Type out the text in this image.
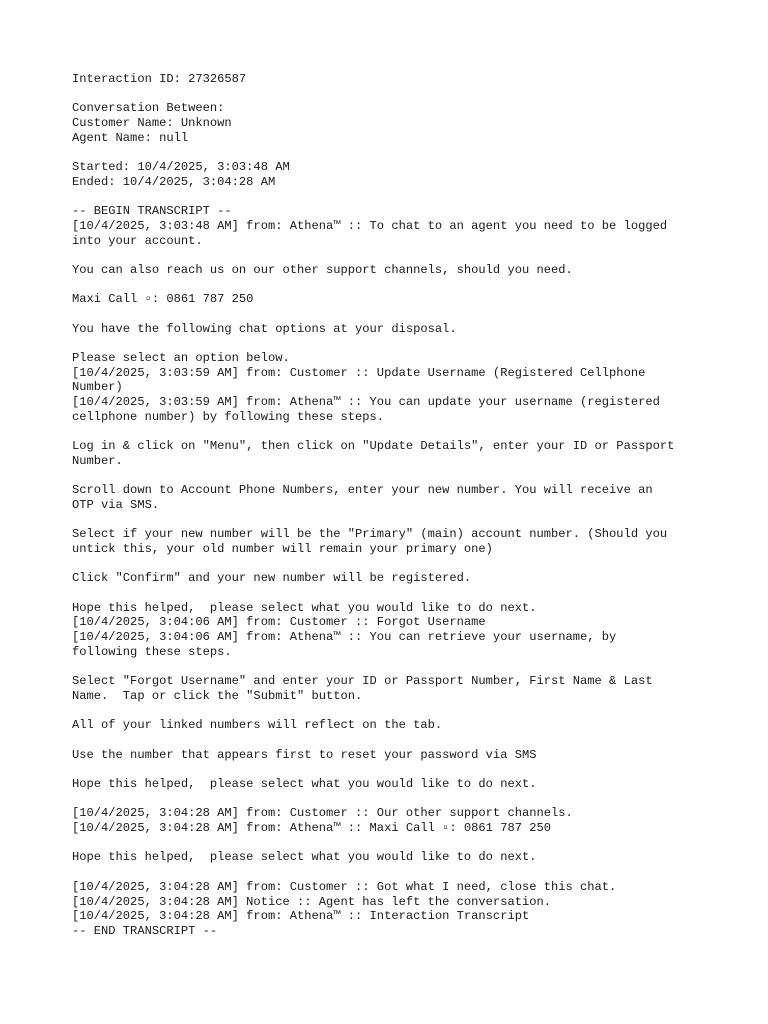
Interaction ID: 27326587
Conversation Between:
Customer Name: Unknown
Agent Name: null
Started: 10/4/2025, 3:03:48 AM
Ended: 10/4/2025, 3:04:28 AM
-- BEGIN TRANSCRIPT --
[10/4/2025, 3:03:48 AM] from: Athena™ :: To chat to an agent you need to be logged
into your account.
You can also reach us on our other support channels, should you need.
Maxi Call ▫: 0861 787 250
You have the following chat options at your disposal.
Please select an option below.
[10/4/2025, 3:03:59 AM] from: Customer :: Update Username (Registered Cellphone
Number)
[10/4/2025, 3:03:59 AM] from: Athena™ :: You can update your username (registered
cellphone number) by following these steps.
Log in & click on "Menu", then click on "Update Details", enter your ID or Passport
Number.
Scroll down to Account Phone Numbers, enter your new number. You will receive an
OTP via SMS.
Select if your new number will be the "Primary" (main) account number. (Should you
untick this, your old number will remain your primary one)
Click "Confirm" and your new number will be registered.
Hope this helped,  please select what you would like to do next.
[10/4/2025, 3:04:06 AM] from: Customer :: Forgot Username
[10/4/2025, 3:04:06 AM] from: Athena™ :: You can retrieve your username, by
following these steps.
Select "Forgot Username" and enter your ID or Passport Number, First Name & Last
Name.  Tap or click the "Submit" button.
All of your linked numbers will reflect on the tab.
Use the number that appears first to reset your password via SMS
Hope this helped,  please select what you would like to do next.
[10/4/2025, 3:04:28 AM] from: Customer :: Our other support channels.
[10/4/2025, 3:04:28 AM] from: Athena™ :: Maxi Call ▫: 0861 787 250
Hope this helped,  please select what you would like to do next.
[10/4/2025, 3:04:28 AM] from: Customer :: Got what I need, close this chat.
[10/4/2025, 3:04:28 AM] Notice :: Agent has left the conversation.
[10/4/2025, 3:04:28 AM] from: Athena™ :: Interaction Transcript
-- END TRANSCRIPT --
